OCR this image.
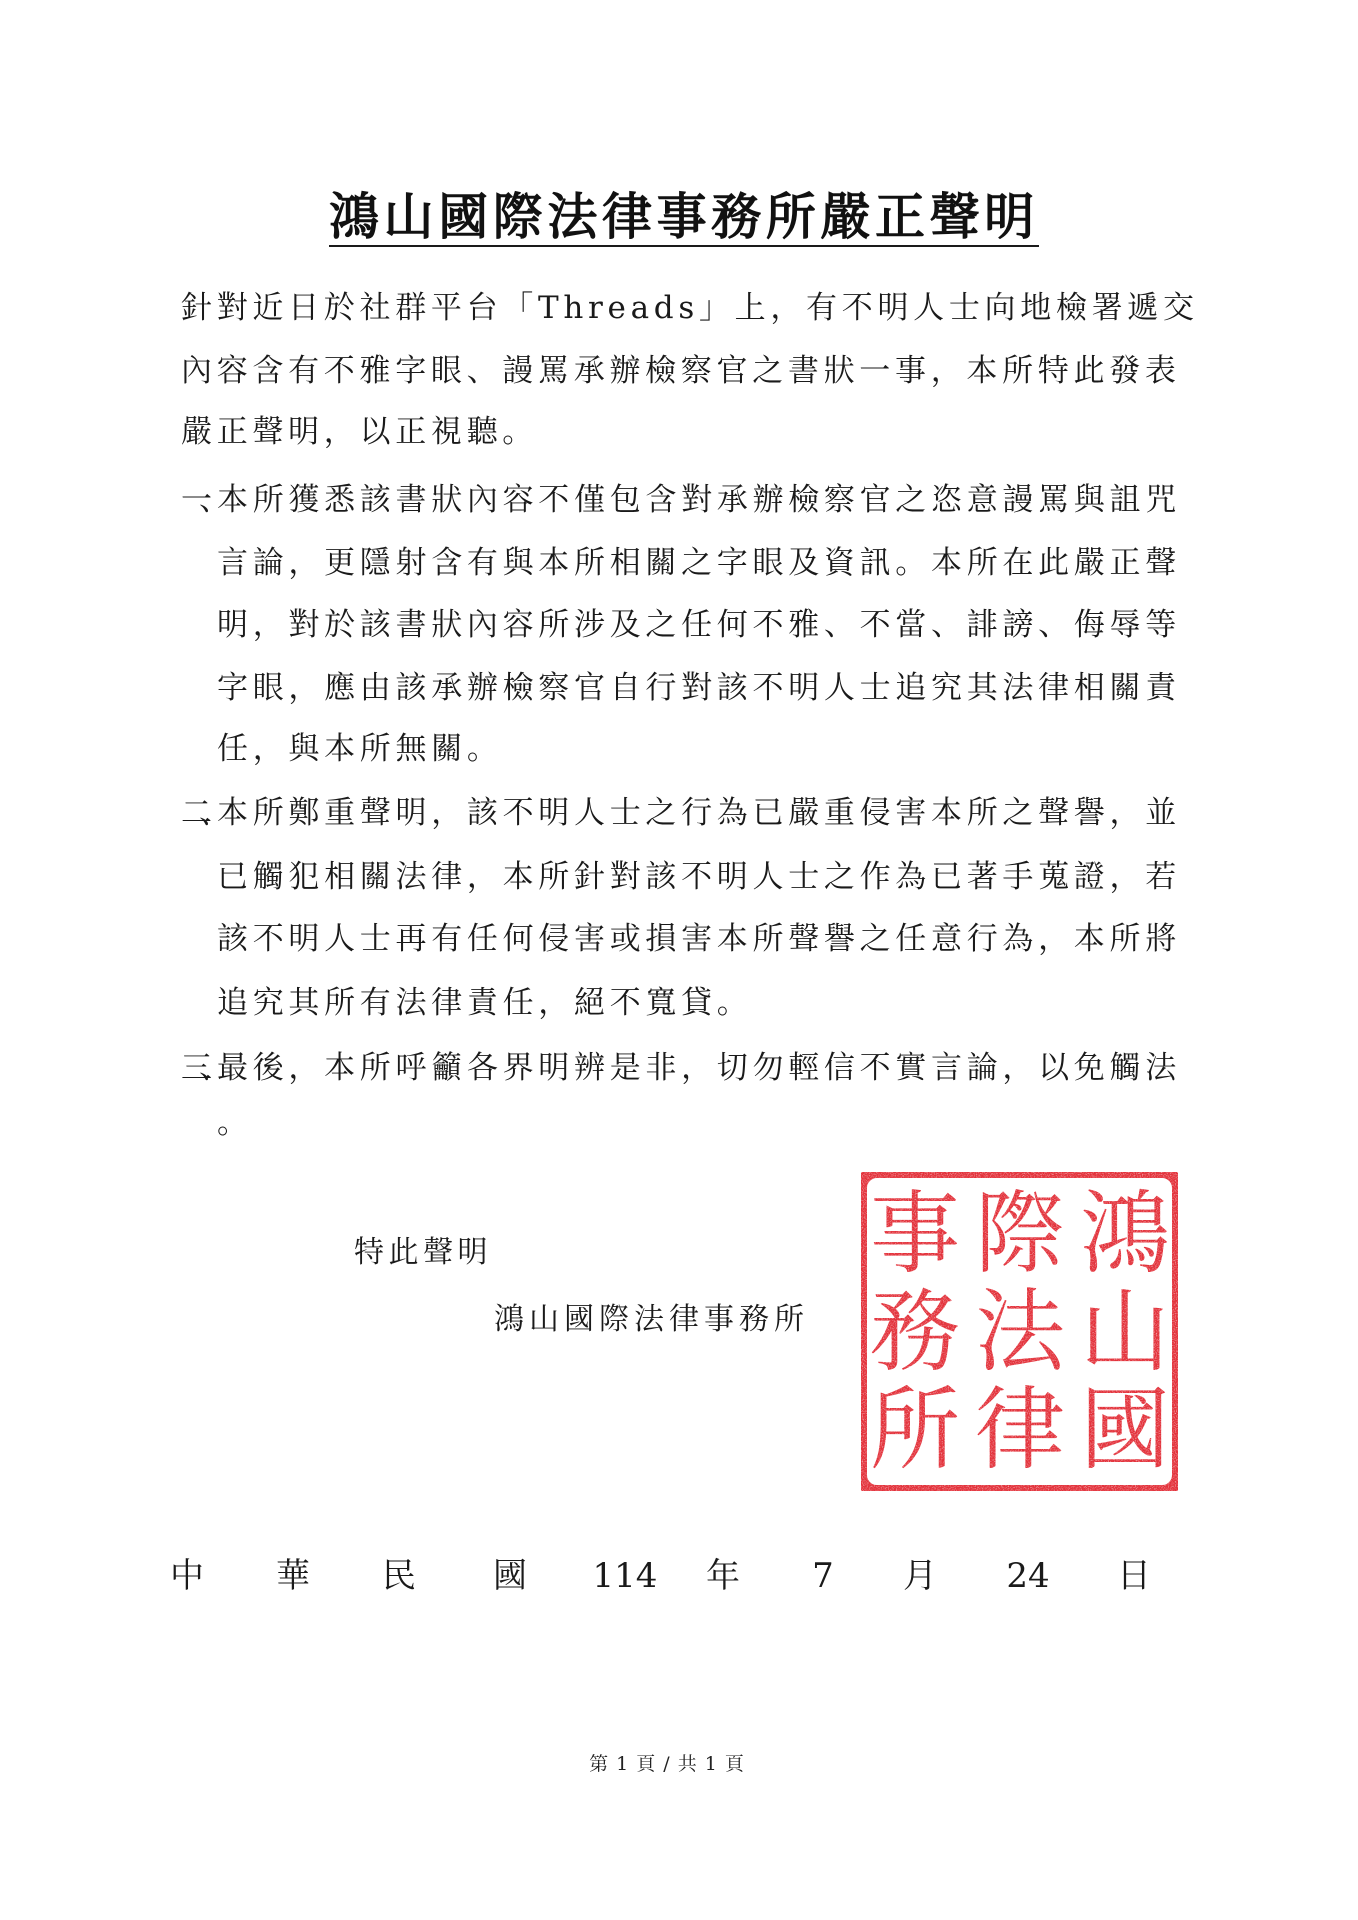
鴻山國際法律事務所嚴正聲明
針對近日於社群平台「Threads」上，有不明人士向地檢署遞交
內容含有不雅字眼、謾罵承辦檢察官之書狀一事，本所特此發表
嚴正聲明，以正視聽。
一、 本所獲悉該書狀內容不僅包含對承辦檢察官之恣意謾罵與詛咒
言論，更隱射含有與本所相關之字眼及資訊。本所在此嚴正聲
明，對於該書狀內容所涉及之任何不雅、不當、誹謗、侮辱等
字眼，應由該承辦檢察官自行對該不明人士追究其法律相關責
任，與本所無關。
二、 本所鄭重聲明，該不明人士之行為已嚴重侵害本所之聲譽，並
已觸犯相關法律，本所針對該不明人士之作為已著手蒐證，若
該不明人士再有任何侵害或損害本所聲譽之任意行為，本所將
追究其所有法律責任，絕不寬貸。
三、 最後，本所呼籲各界明辨是非，切勿輕信不實言論，以免觸法
。
特此聲明
鴻山國際法律事務所
鴻
山
國
際
法
律
事
務
所
中 華 民 國 114 年 7 月 24 日
第 1 頁 / 共 1 頁
